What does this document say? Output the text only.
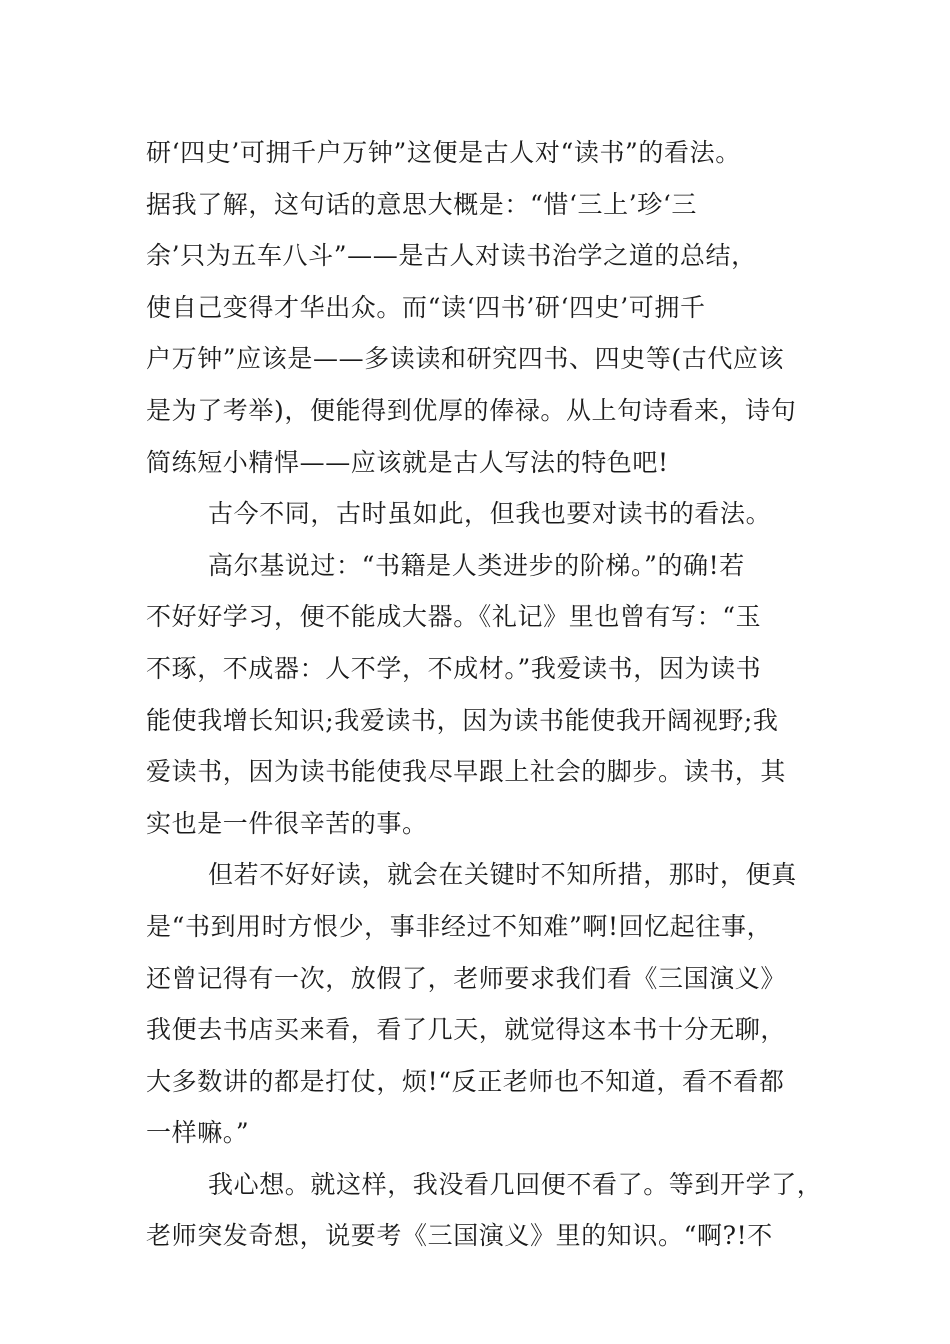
研‘四史’可拥千户万钟”这便是古人对“读书”的看法。
据我了解，这句话的意思大概是：“惜‘三上’珍‘三
余’只为五车八斗”——是古人对读书治学之道的总结，
使自己变得才华出众。而“读‘四书’研‘四史’可拥千
户万钟”应该是——多读读和研究四书、四史等(古代应该
是为了考举)，便能得到优厚的俸禄。从上句诗看来，诗句
简练短小精悍——应该就是古人写法的特色吧!
古今不同，古时虽如此，但我也要对读书的看法。
高尔基说过：“书籍是人类进步的阶梯。”的确!若
不好好学习，便不能成大器。《礼记》里也曾有写：“玉
不琢，不成器：人不学，不成材。”我爱读书，因为读书
能使我增长知识;我爱读书，因为读书能使我开阔视野;我
爱读书，因为读书能使我尽早跟上社会的脚步。读书，其
实也是一件很辛苦的事。
但若不好好读，就会在关键时不知所措，那时，便真
是“书到用时方恨少，事非经过不知难”啊!回忆起往事，
还曾记得有一次，放假了，老师要求我们看《三国演义》
我便去书店买来看，看了几天，就觉得这本书十分无聊，
大多数讲的都是打仗，烦!“反正老师也不知道，看不看都
一样嘛。”
我心想。就这样，我没看几回便不看了。等到开学了，
老师突发奇想，说要考《三国演义》里的知识。“啊?!不
